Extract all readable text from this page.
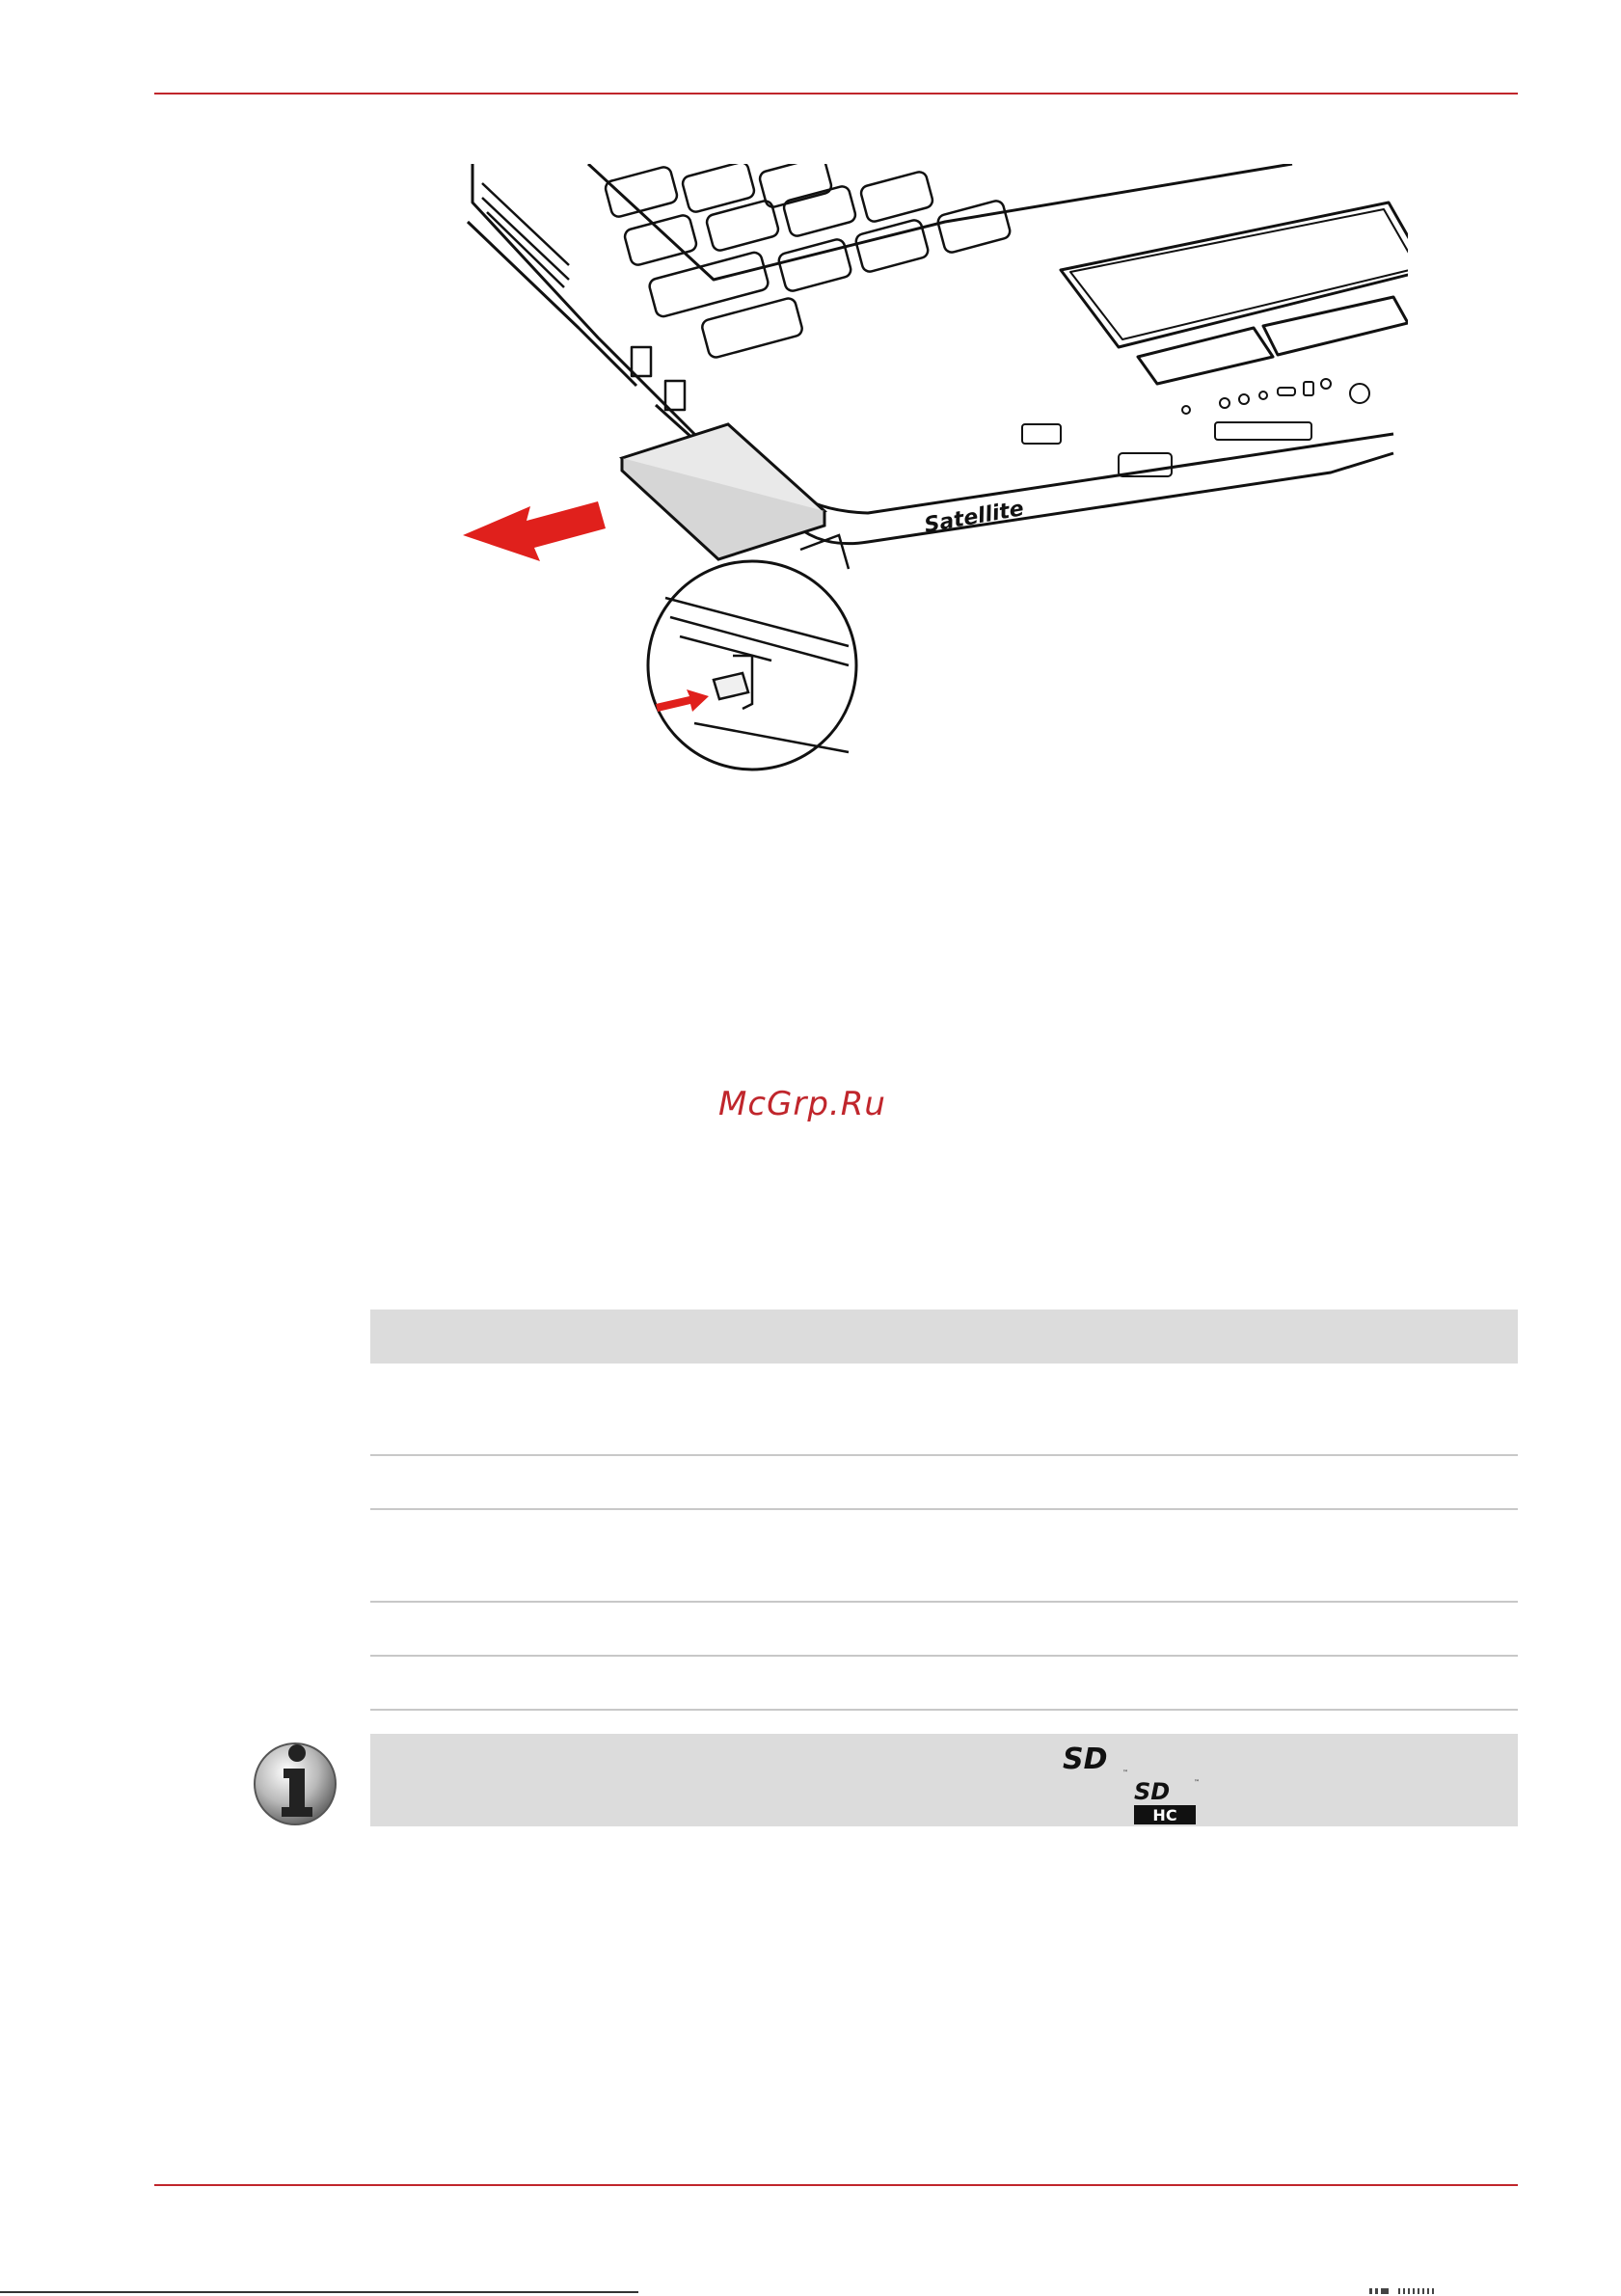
Satellite
McGrp.Ru
SD	™
SD	™
HC
